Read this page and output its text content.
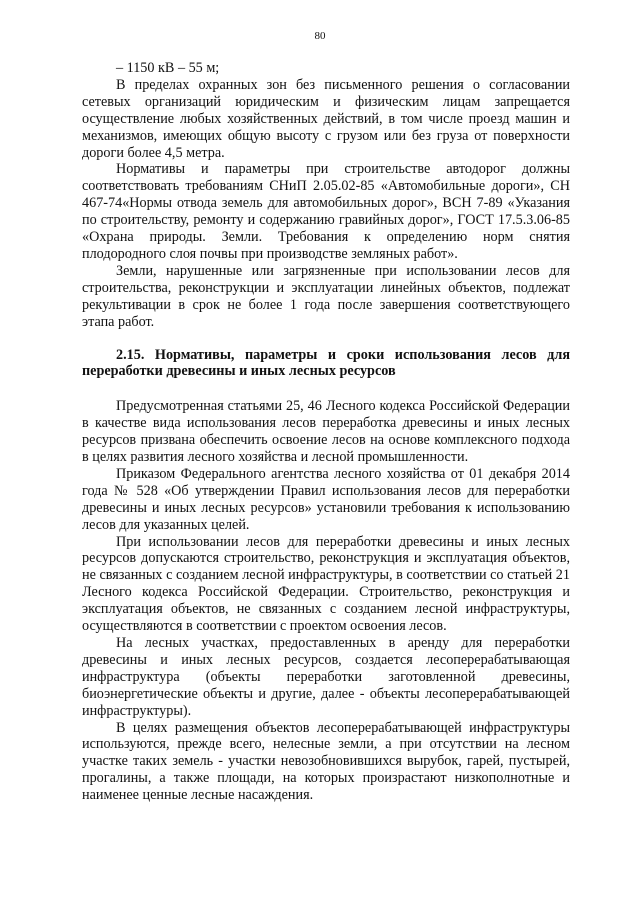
80

– 1150 кВ – 55 м;

В пределах охранных зон без письменного решения о согласовании сетевых организаций юридическим и физическим лицам запрещается осуществление любых хозяйственных действий, в том числе проезд машин и механизмов, имеющих общую высоту с грузом или без груза от поверхности дороги более 4,5 метра.

Нормативы и параметры при строительстве автодорог должны соответствовать требованиям СНиП 2.05.02-85 «Автомобильные дороги», СН 467-74«Нормы отвода земель для автомобильных дорог», ВСН 7-89 «Указания по строительству, ремонту и содержанию гравийных дорог», ГОСТ 17.5.3.06-85 «Охрана природы. Земли. Требования к определению норм снятия плодородного слоя почвы при производстве земляных работ».

Земли, нарушенные или загрязненные при использовании лесов для строительства, реконструкции и эксплуатации линейных объектов, подлежат рекультивации в срок не более 1 года после завершения соответствующего этапа работ.

2.15. Нормативы, параметры и сроки использования лесов для переработки древесины и иных лесных ресурсов

Предусмотренная статьями 25, 46 Лесного кодекса Российской Федерации в качестве вида использования лесов переработка древесины и иных лесных ресурсов призвана обеспечить освоение лесов на основе комплексного подхода в целях развития лесного хозяйства и лесной промышленности.

Приказом Федерального агентства лесного хозяйства от 01 декабря 2014 года № 528 «Об утверждении Правил использования лесов для переработки древесины и иных лесных ресурсов» установили требования к использованию лесов для указанных целей.

При использовании лесов для переработки древесины и иных лесных ресурсов допускаются строительство, реконструкция и эксплуатация объектов, не связанных с созданием лесной инфраструктуры, в соответствии со статьей 21 Лесного кодекса Российской Федерации. Строительство, реконструкция и эксплуатация объектов, не связанных с созданием лесной инфраструктуры, осуществляются в соответствии с проектом освоения лесов.

На лесных участках, предоставленных в аренду для переработки древесины и иных лесных ресурсов, создается лесоперерабатывающая инфраструктура (объекты переработки заготовленной древесины, биоэнергетические объекты и другие, далее - объекты лесоперерабатывающей инфраструктуры).

В целях размещения объектов лесоперерабатывающей инфраструктуры используются, прежде всего, нелесные земли, а при отсутствии на лесном участке таких земель - участки невозобновившихся вырубок, гарей, пустырей, прогалины, а также площади, на которых произрастают низкополнотные и наименее ценные лесные насаждения.
